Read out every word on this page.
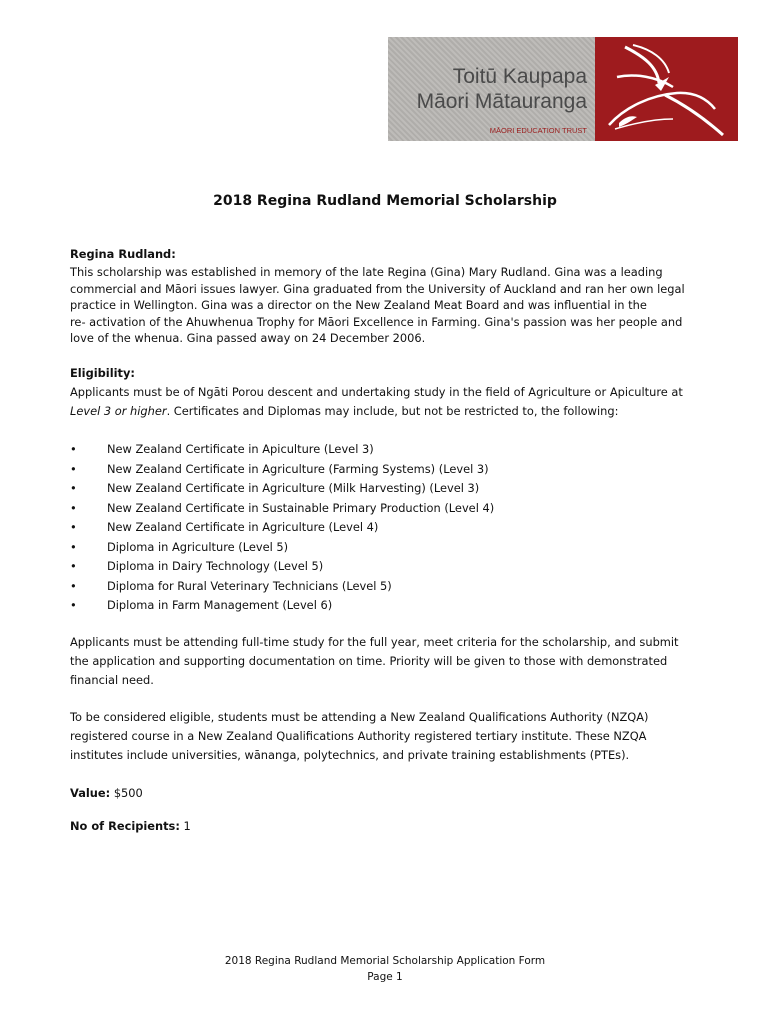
Toitū Kaupapa
Māori Mātauranga
MĀORI EDUCATION TRUST
2018 Regina Rudland Memorial Scholarship
Regina Rudland:
This scholarship was established in memory of the late Regina (Gina) Mary Rudland. Gina was a leading
commercial and Māori issues lawyer. Gina graduated from the University of Auckland and ran her own legal
practice in Wellington. Gina was a director on the New Zealand Meat Board and was influential in the
re- activation of the Ahuwhenua Trophy for Māori Excellence in Farming. Gina's passion was her people and
love of the whenua. Gina passed away on 24 December 2006.
Eligibility:
Applicants must be of Ngāti Porou descent and undertaking study in the field of Agriculture or Apiculture at
Level 3 or higher. Certificates and Diplomas may include, but not be restricted to, the following:
•	New Zealand Certificate in Apiculture (Level 3)
•	New Zealand Certificate in Agriculture (Farming Systems) (Level 3)
•	New Zealand Certificate in Agriculture (Milk Harvesting) (Level 3)
•	New Zealand Certificate in Sustainable Primary Production (Level 4)
•	New Zealand Certificate in Agriculture (Level 4)
•	Diploma in Agriculture (Level 5)
•	Diploma in Dairy Technology (Level 5)
•	Diploma for Rural Veterinary Technicians (Level 5)
•	Diploma in Farm Management (Level 6)
Applicants must be attending full-time study for the full year, meet criteria for the scholarship, and submit
the application and supporting documentation on time. Priority will be given to those with demonstrated
financial need.
To be considered eligible, students must be attending a New Zealand Qualifications Authority (NZQA)
registered course in a New Zealand Qualifications Authority registered tertiary institute. These NZQA
institutes include universities, wānanga, polytechnics, and private training establishments (PTEs).
Value: $500
No of Recipients: 1
2018 Regina Rudland Memorial Scholarship Application Form
Page 1
